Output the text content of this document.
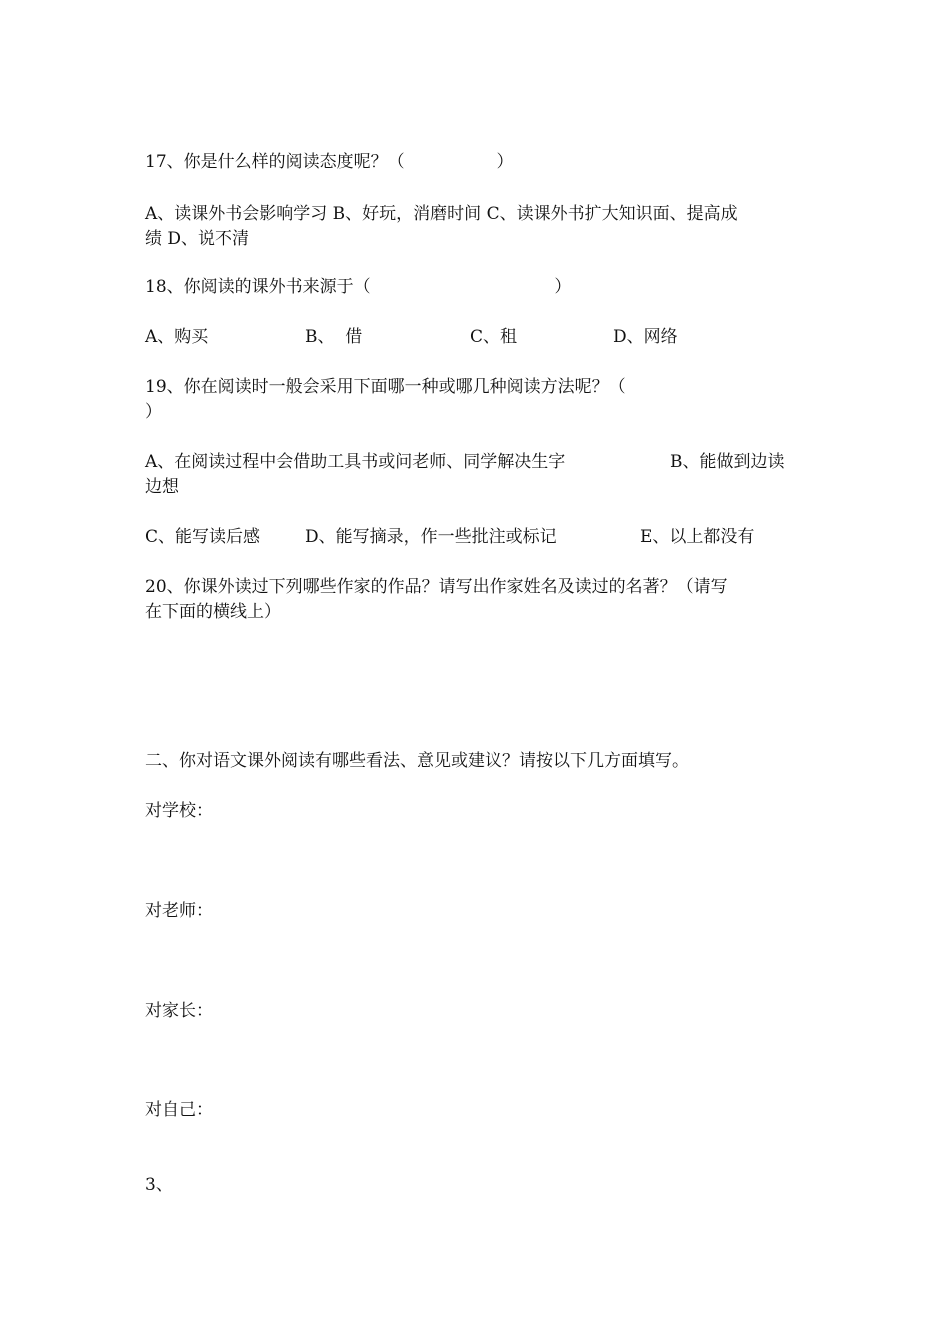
17、你是什么样的阅读态度呢？（                 ）
A、读课外书会影响学习 B、好玩，消磨时间 C、读课外书扩大知识面、提高成
绩 D、说不清
18、你阅读的课外书来源于（                                  ）
A、购买	B、  借	C、租	D、网络
19、你在阅读时一般会采用下面哪一种或哪几种阅读方法呢？（
）
A、在阅读过程中会借助工具书或问老师、同学解决生字	B、能做到边读
边想
C、能写读后感	D、能写摘录，作一些批注或标记	E、以上都没有
20、你课外读过下列哪些作家的作品？请写出作家姓名及读过的名著？（请写
在下面的横线上）
二、你对语文课外阅读有哪些看法、意见或建议？请按以下几方面填写。
对学校：
对老师：
对家长：
对自己：
3、
